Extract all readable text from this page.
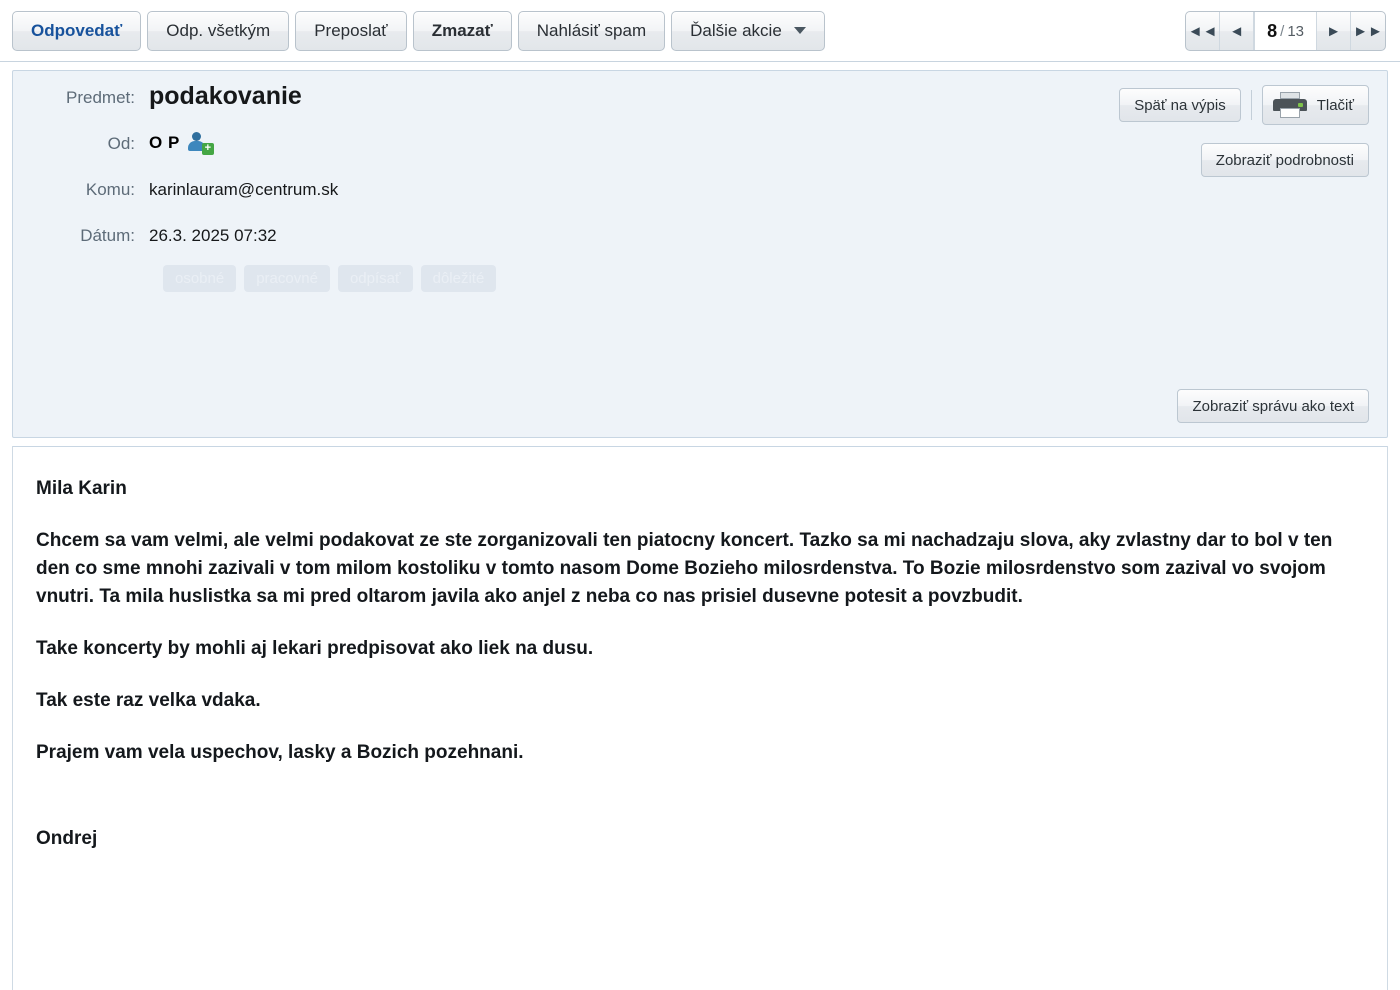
Odpovedať	Odp. všetkým	Preposlať	Zmazať	Nahlásiť spam	Ďalšie akcie	◄◄ ◄ 8 / 13 ► ►►
Predmet: podakovanie
Od: O P +
Komu: karinlauram@centrum.sk
Dátum: 26.3. 2025 07:32
osobné	pracovné	odpísať	dôležité
Späť na výpis	Tlačiť
Zobraziť podrobnosti
Zobraziť správu ako text

Mila Karin

Chcem sa vam velmi, ale velmi podakovat ze ste zorganizovali ten piatocny koncert. Tazko sa mi nachadzaju slova, aky zvlastny dar to bol v ten den co sme mnohi zazivali v tom milom kostoliku v tomto nasom Dome Bozieho milosrdenstva. To Bozie milosrdenstvo som zazival vo svojom vnutri. Ta mila huslistka sa mi pred oltarom javila ako anjel z neba co nas prisiel dusevne potesit a povzbudit.

Take koncerty by mohli aj lekari predpisovat ako liek na dusu.

Tak este raz velka vdaka.

Prajem vam vela uspechov, lasky a Bozich pozehnani.

Ondrej
